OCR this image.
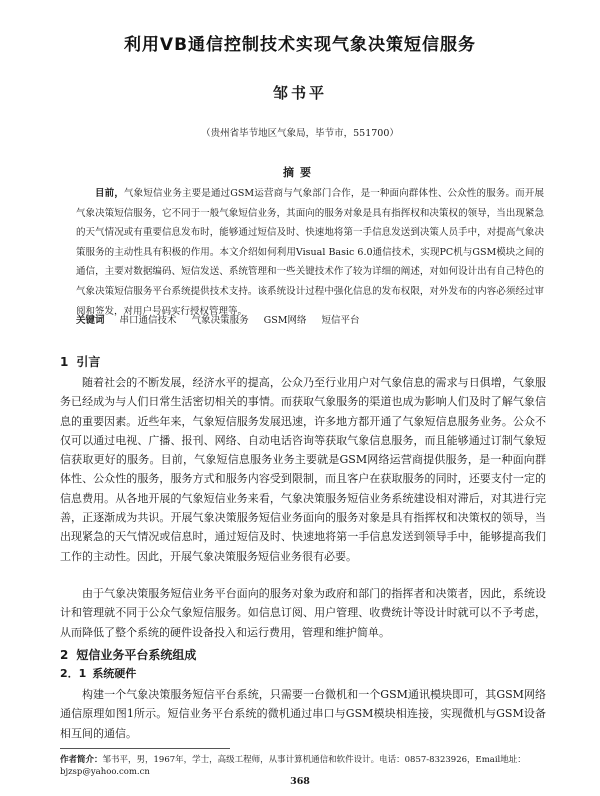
利用VB通信控制技术实现气象决策短信服务
邹书平
（贵州省毕节地区气象局，毕节市，551700）
摘要

目前，气象短信业务主要是通过GSM运营商与气象部门合作，是一种面向群体性、公众性的服务。而开展气象决策短信服务，它不同于一般气象短信业务，其面向的服务对象是具有指挥权和决策权的领导，当出现紧急的天气情况或有重要信息发布时，能够通过短信及时、快速地将第一手信息发送到决策人员手中，对提高气象决策服务的主动性具有积极的作用。本文介绍如何利用Visual Basic 6.0通信技术，实现PC机与GSM模块之间的通信，主要对数据编码、短信发送、系统管理和一些关键技术作了较为详细的阐述，对如何设计出有自己特色的气象决策短信服务平台系统提供技术支持。该系统设计过程中强化信息的发布权限，对外发布的内容必须经过审阅和签发，对用户号码实行授权管理等。

关键词 串口通信技术 气象决策服务 GSM网络 短信平台

1 引言

随着社会的不断发展，经济水平的提高，公众乃至行业用户对气象信息的需求与日俱增，气象服务已经成为与人们日常生活密切相关的事情。而获取气象服务的渠道也成为影响人们及时了解气象信息的重要因素。近些年来，气象短信服务发展迅速，许多地方都开通了气象短信息服务业务。公众不仅可以通过电视、广播、报刊、网络、自动电话咨询等获取气象信息服务，而且能够通过订制气象短信获取更好的服务。目前，气象短信息服务业务主要就是GSM网络运营商提供服务，是一种面向群体性、公众性的服务，服务方式和服务内容受到限制，而且客户在获取服务的同时，还要支付一定的信息费用。从各地开展的气象短信业务来看，气象决策服务短信业务系统建设相对滞后，对其进行完善，正逐渐成为共识。开展气象决策服务短信业务面向的服务对象是具有指挥权和决策权的领导，当出现紧急的天气情况或信息时，通过短信及时、快速地将第一手信息发送到领导手中，能够提高我们工作的主动性。因此，开展气象决策服务短信业务很有必要。

由于气象决策服务短信业务平台面向的服务对象为政府和部门的指挥者和决策者，因此，系统设计和管理就不同于公众气象短信服务。如信息订阅、用户管理、收费统计等设计时就可以不予考虑，从而降低了整个系统的硬件设备投入和运行费用，管理和维护简单。

2 短信业务平台系统组成
2．1 系统硬件

构建一个气象决策服务短信平台系统，只需要一台微机和一个GSM通讯模块即可，其GSM网络通信原理如图1所示。短信业务平台系统的微机通过串口与GSM模块相连接，实现微机与GSM设备相互间的通信。

作者简介：邹书平，男，1967年，学士，高级工程师，从事计算机通信和软件设计。电话：0857-8323926，Email地址：bjzsp@yahoo.com.cn

368
